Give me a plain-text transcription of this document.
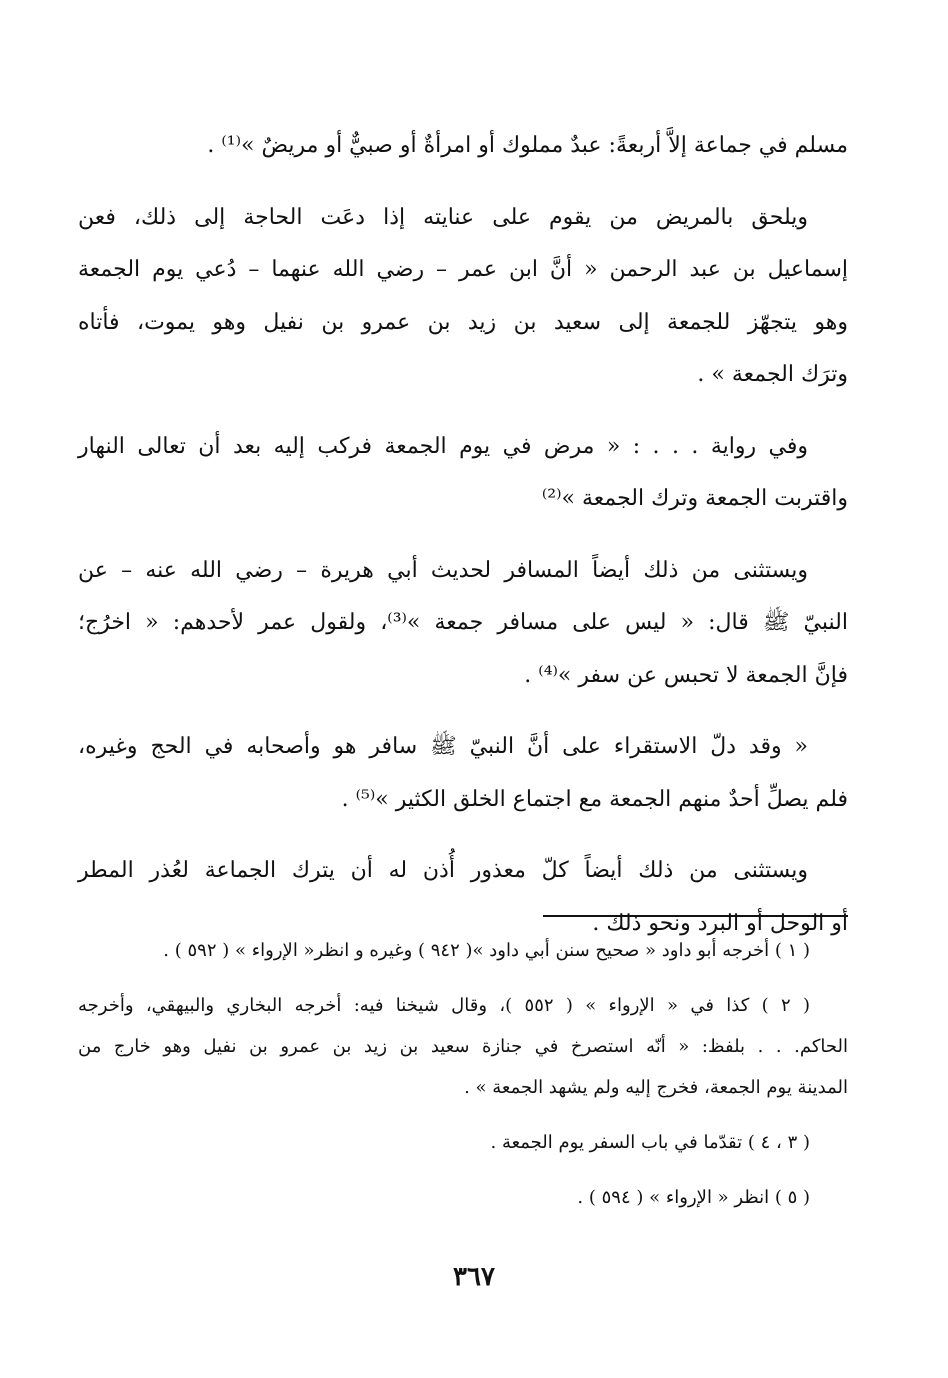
مسلم في جماعة إلاَّ أربعةً: عبدٌ مملوك أو امرأةٌ أو صبيٌّ أو مريضٌ »⁽¹⁾ .

ويلحق بالمريض من يقوم على عنايته إذا دعَت الحاجة إلى ذلك، فعن
إسماعيل بن عبد الرحمن « أنَّ ابن عمر – رضي الله عنهما – دُعي يوم الجمعة
وهو يتجهّز للجمعة إلى سعيد بن زيد بن عمرو بن نفيل وهو يموت، فأتاه
وترَك الجمعة » .

وفي رواية . . . : « مرض في يوم الجمعة فركب إليه بعد أن تعالى النهار
واقتربت الجمعة وترك الجمعة »⁽²⁾

ويستثنى من ذلك أيضاً المسافر لحديث أبي هريرة – رضي الله عنه – عن
النبيّ ﷺ قال: « ليس على مسافر جمعة »⁽³⁾، ولقول عمر لأحدهم: « اخرُج؛
فإنَّ الجمعة لا تحبس عن سفر »⁽⁴⁾ .

« وقد دلّ الاستقراء على أنَّ النبيّ ﷺ سافر هو وأصحابه في الحج وغيره،
فلم يصلِّ أحدٌ منهم الجمعة مع اجتماع الخلق الكثير »⁽⁵⁾ .

ويستثنى من ذلك أيضاً كلّ معذور أُذن له أن يترك الجماعة لعُذر المطر
أو الوحل أو البرد ونحو ذلك .

( ١ ) أخرجه أبو داود « صحيح سنن أبي داود »( ٩٤٢ ) وغيره و انظر« الإرواء » ( ٥٩٢ ) .
( ٢ ) كذا في « الإرواء » ( ٥٥٢ )، وقال شيخنا فيه: أخرجه البخاري والبيهقي، وأخرجه
الحاكم. . . بلفظ: « أنّه استصرخ في جنازة سعيد بن زيد بن عمرو بن نفيل وهو خارج من
المدينة يوم الجمعة، فخرج إليه ولم يشهد الجمعة » .
( ٣ ، ٤ ) تقدّما في باب السفر يوم الجمعة .
( ٥ ) انظر « الإرواء » ( ٥٩٤ ) .
٣٦٧
